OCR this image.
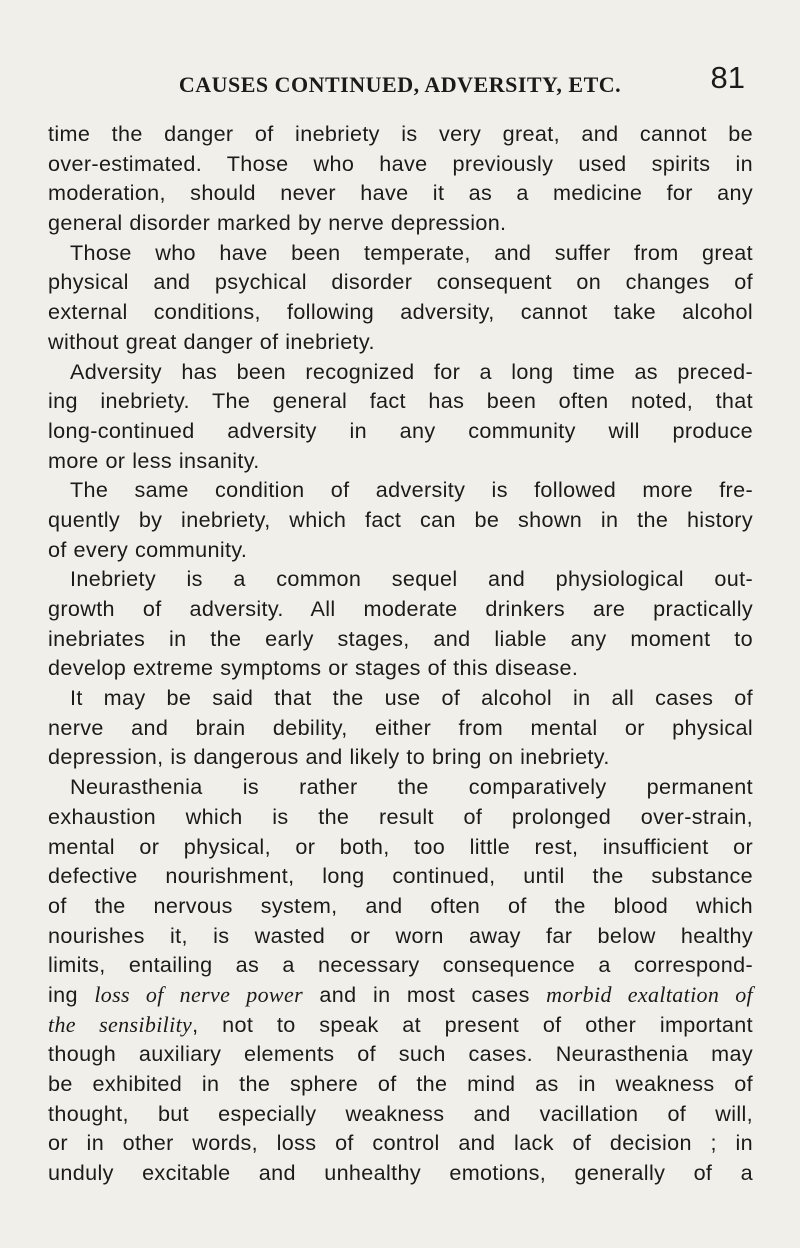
CAUSES CONTINUED, ADVERSITY, ETC.	81
time the danger of inebriety is very great, and cannot be
over-estimated. Those who have previously used spirits in
moderation, should never have it as a medicine for any
general disorder marked by nerve depression.
Those who have been temperate, and suffer from great
physical and psychical disorder consequent on changes of
external conditions, following adversity, cannot take alcohol
without great danger of inebriety.
Adversity has been recognized for a long time as preced-
ing inebriety. The general fact has been often noted, that
long-continued adversity in any community will produce
more or less insanity.
The same condition of adversity is followed more fre-
quently by inebriety, which fact can be shown in the history
of every community.
Inebriety is a common sequel and physiological out-
growth of adversity. All moderate drinkers are practically
inebriates in the early stages, and liable any moment to
develop extreme symptoms or stages of this disease.
It may be said that the use of alcohol in all cases of
nerve and brain debility, either from mental or physical
depression, is dangerous and likely to bring on inebriety.
Neurasthenia is rather the comparatively permanent
exhaustion which is the result of prolonged over-strain,
mental or physical, or both, too little rest, insufficient or
defective nourishment, long continued, until the substance
of the nervous system, and often of the blood which
nourishes it, is wasted or worn away far below healthy
limits, entailing as a necessary consequence a correspond-
ing loss of nerve power and in most cases morbid exaltation of
the sensibility, not to speak at present of other important
though auxiliary elements of such cases. Neurasthenia may
be exhibited in the sphere of the mind as in weakness of
thought, but especially weakness and vacillation of will,
or in other words, loss of control and lack of decision ; in
unduly excitable and unhealthy emotions, generally of a
